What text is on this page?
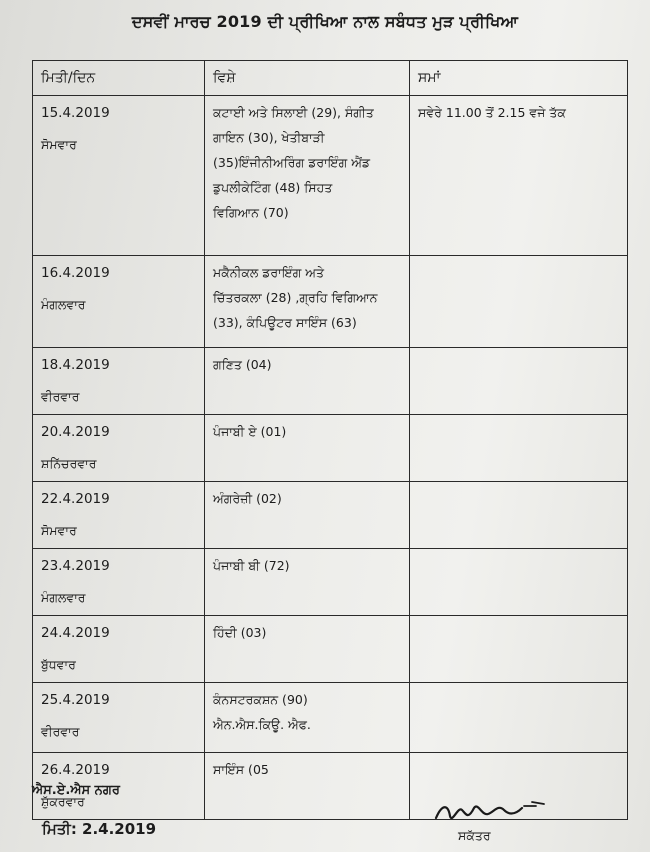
ਦਸਵੀਂ ਮਾਰਚ 2019 ਦੀ ਪ੍ਰੀਖਿਆ ਨਾਲ ਸਬੰਧਤ ਮੁੜ ਪ੍ਰੀਖਿਆ
ਮਿਤੀ/ਦਿਨ	ਵਿਸ਼ੇ	ਸਮਾਂ

15.4.2019
ਸੋਮਵਾਰ	ਕਟਾਈ ਅਤੇ ਸਿਲਾਈ (29), ਸੰਗੀਤ
ਗਾਇਨ (30), ਖੇਤੀਬਾੜੀ
(35)ਇੰਜੀਨੀਅਰਿੰਗ ਡਰਾਇੰਗ ਐਂਡ
ਡੁਪਲੀਕੇਟਿੰਗ (48) ਸਿਹਤ
ਵਿਗਿਆਨ (70)	ਸਵੇਰੇ 11.00 ਤੋਂ 2.15 ਵਜੇ ਤੱਕ

16.4.2019
ਮੰਗਲਵਾਰ	ਮਕੈਨੀਕਲ ਡਰਾਇੰਗ ਅਤੇ
ਚਿੱਤਰਕਲਾ (28) ,ਗ੍ਰਹਿ ਵਿਗਿਆਨ
(33), ਕੰਪਿਊਟਰ ਸਾਇੰਸ (63)	

18.4.2019
ਵੀਰਵਾਰ	ਗਣਿਤ (04)	

20.4.2019
ਸ਼ਨਿੱਚਰਵਾਰ	ਪੰਜਾਬੀ ਏ (01)	

22.4.2019
ਸੋਮਵਾਰ	ਅੰਗਰੇਜ਼ੀ (02)	

23.4.2019
ਮੰਗਲਵਾਰ	ਪੰਜਾਬੀ ਬੀ (72)	

24.4.2019
ਬੁੱਧਵਾਰ	ਹਿੰਦੀ (03)	

25.4.2019
ਵੀਰਵਾਰ	ਕੰਨਸਟਰਕਸ਼ਨ (90)
ਐਨ.ਐਸ.ਕਿਊ. ਐਫ.	

26.4.2019
ਸ਼ੁੱਕਰਵਾਰ	ਸਾਇੰਸ (05	

ਐਸ.ਏ.ਐਸ ਨਗਰ
ਮਿਤੀ: 2.4.2019	ਸਕੱਤਰ
